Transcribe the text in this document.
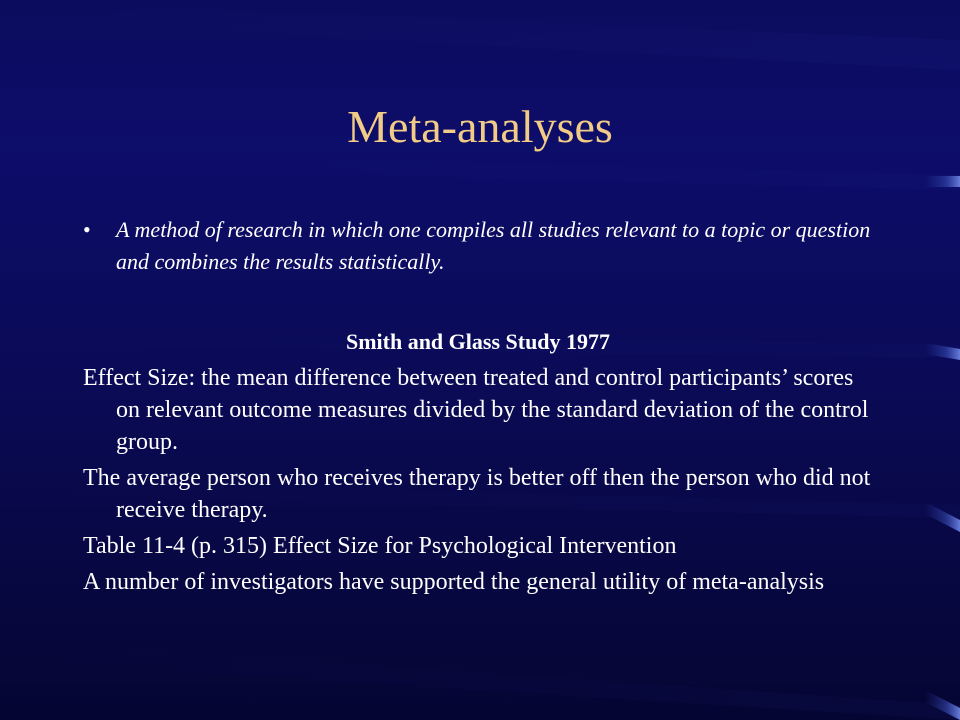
Meta-analyses
•	A method of research in which one compiles all studies relevant to a topic or question and combines the results statistically.
Smith and Glass Study 1977
Effect Size: the mean difference between treated and control participants’ scores on relevant outcome measures divided by the standard deviation of the control group.
The average person who receives therapy is better off then the person who did not receive therapy.
Table 11-4 (p. 315) Effect Size for Psychological Intervention
A number of investigators have supported the general utility of meta-analysis
